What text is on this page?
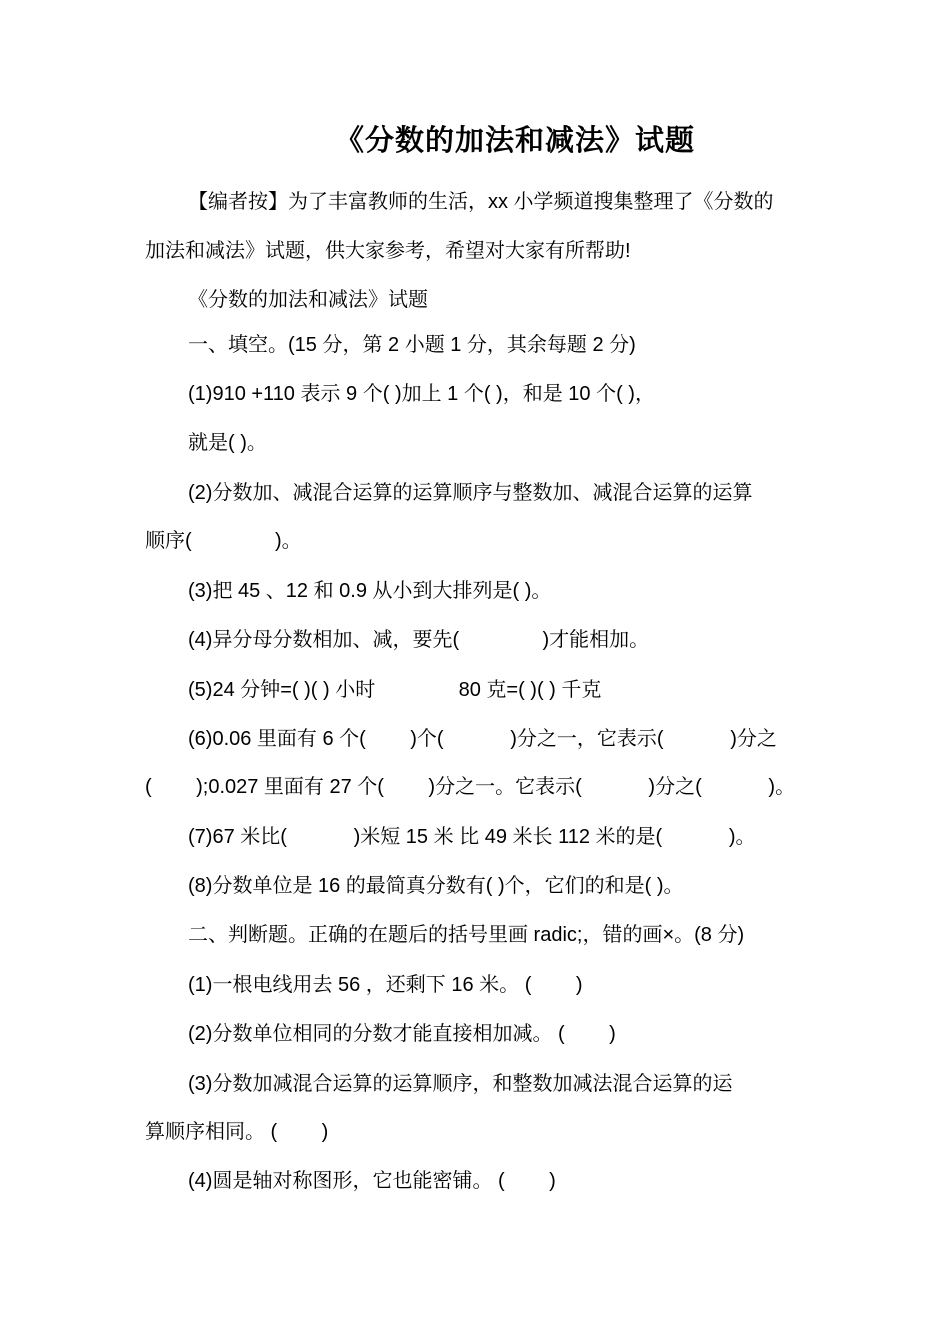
《分数的加法和减法》试题
【编者按】为了丰富教师的生活，xx 小学频道搜集整理了《分数的
加法和减法》试题，供大家参考，希望对大家有所帮助!
《分数的加法和减法》试题
一、填空。(15 分，第 2 小题 1 分，其余每题 2 分)
(1)910 +110 表示 9 个( )加上 1 个( )，和是 10 个( )，
就是( )。
(2)分数加、减混合运算的运算顺序与整数加、减混合运算的运算
顺序(               )。
(3)把 45 、12 和 0.9 从小到大排列是( )。
(4)异分母分数相加、减，要先(               )才能相加。
(5)24 分钟=( )( ) 小时               80 克=( )( ) 千克
(6)0.06 里面有 6 个(        )个(            )分之一，它表示(            )分之
(        );0.027 里面有 27 个(        )分之一。它表示(            )分之(            )。
(7)67 米比(            )米短 15 米 比 49 米长 112 米的是(            )。
(8)分数单位是 16 的最简真分数有( )个，它们的和是( )。
二、判断题。正确的在题后的括号里画 radic;，错的画×。(8 分)
(1)一根电线用去 56 ，还剩下 16 米。 (        )
(2)分数单位相同的分数才能直接相加减。 (        )
(3)分数加减混合运算的运算顺序，和整数加减法混合运算的运
算顺序相同。 (        )
(4)圆是轴对称图形，它也能密铺。 (        )
